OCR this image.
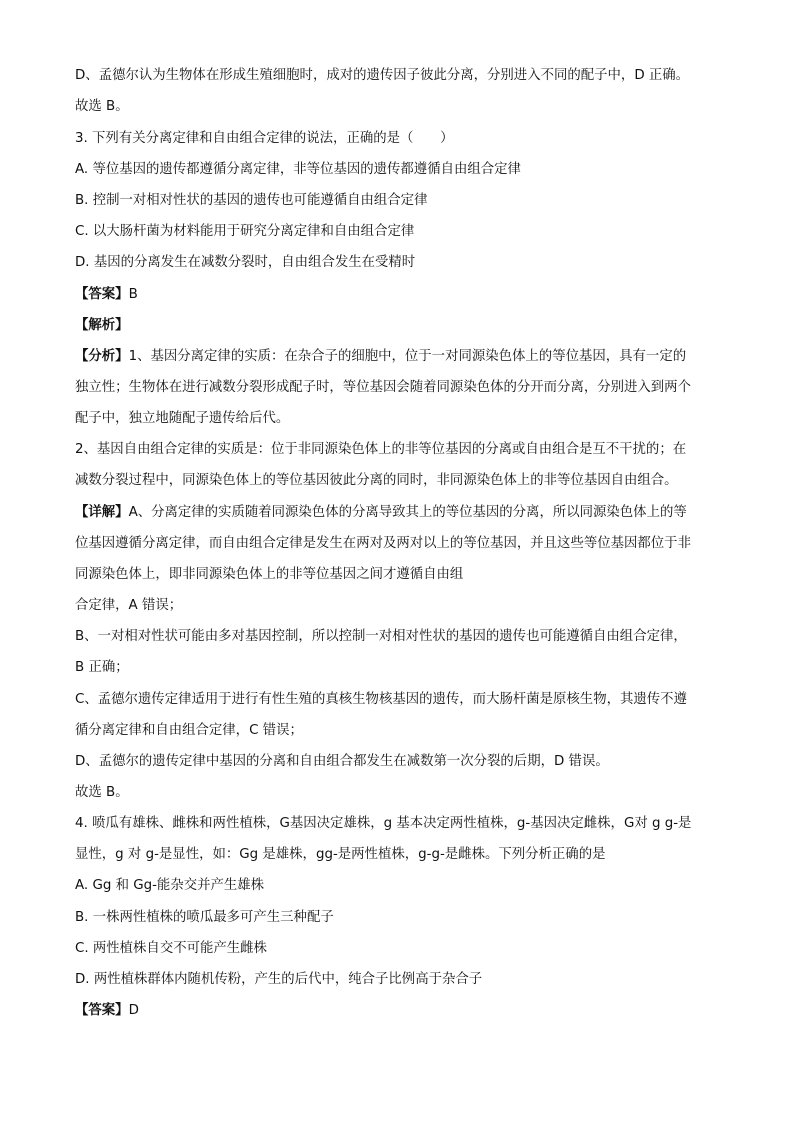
D、孟德尔认为生物体在形成生殖细胞时，成对的遗传因子彼此分离，分别进入不同的配子中，D 正确。
故选 B。
3. 下列有关分离定律和自由组合定律的说法，正确的是（　　）
A. 等位基因的遗传都遵循分离定律，非等位基因的遗传都遵循自由组合定律
B. 控制一对相对性状的基因的遗传也可能遵循自由组合定律
C. 以大肠杆菌为材料能用于研究分离定律和自由组合定律
D. 基因的分离发生在减数分裂时，自由组合发生在受精时
【答案】B
【解析】
【分析】1、基因分离定律的实质：在杂合子的细胞中，位于一对同源染色体上的等位基因，具有一定的
独立性；生物体在进行减数分裂形成配子时，等位基因会随着同源染色体的分开而分离，分别进入到两个
配子中，独立地随配子遗传给后代。
2、基因自由组合定律的实质是：位于非同源染色体上的非等位基因的分离或自由组合是互不干扰的；在
减数分裂过程中，同源染色体上的等位基因彼此分离的同时，非同源染色体上的非等位基因自由组合。
【详解】A、分离定律的实质随着同源染色体的分离导致其上的等位基因的分离，所以同源染色体上的等
位基因遵循分离定律，而自由组合定律是发生在两对及两对以上的等位基因，并且这些等位基因都位于非
同源染色体上，即非同源染色体上的非等位基因之间才遵循自由组
合定律，A 错误；
B、一对相对性状可能由多对基因控制，所以控制一对相对性状的基因的遗传也可能遵循自由组合定律，
B 正确；
C、孟德尔遗传定律适用于进行有性生殖的真核生物核基因的遗传，而大肠杆菌是原核生物，其遗传不遵
循分离定律和自由组合定律，C 错误；
D、孟德尔的遗传定律中基因的分离和自由组合都发生在减数第一次分裂的后期，D 错误。
故选 B。
4. 喷瓜有雄株、雌株和两性植株，G基因决定雄株，g 基本决定两性植株，g-基因决定雌株，G对 g g-是
显性，g 对 g-是显性，如：Gg 是雄株，gg-是两性植株，g-g-是雌株。下列分析正确的是
A. Gg 和 Gg-能杂交并产生雄株
B. 一株两性植株的喷瓜最多可产生三种配子
C. 两性植株自交不可能产生雌株
D. 两性植株群体内随机传粉，产生的后代中，纯合子比例高于杂合子
【答案】D
